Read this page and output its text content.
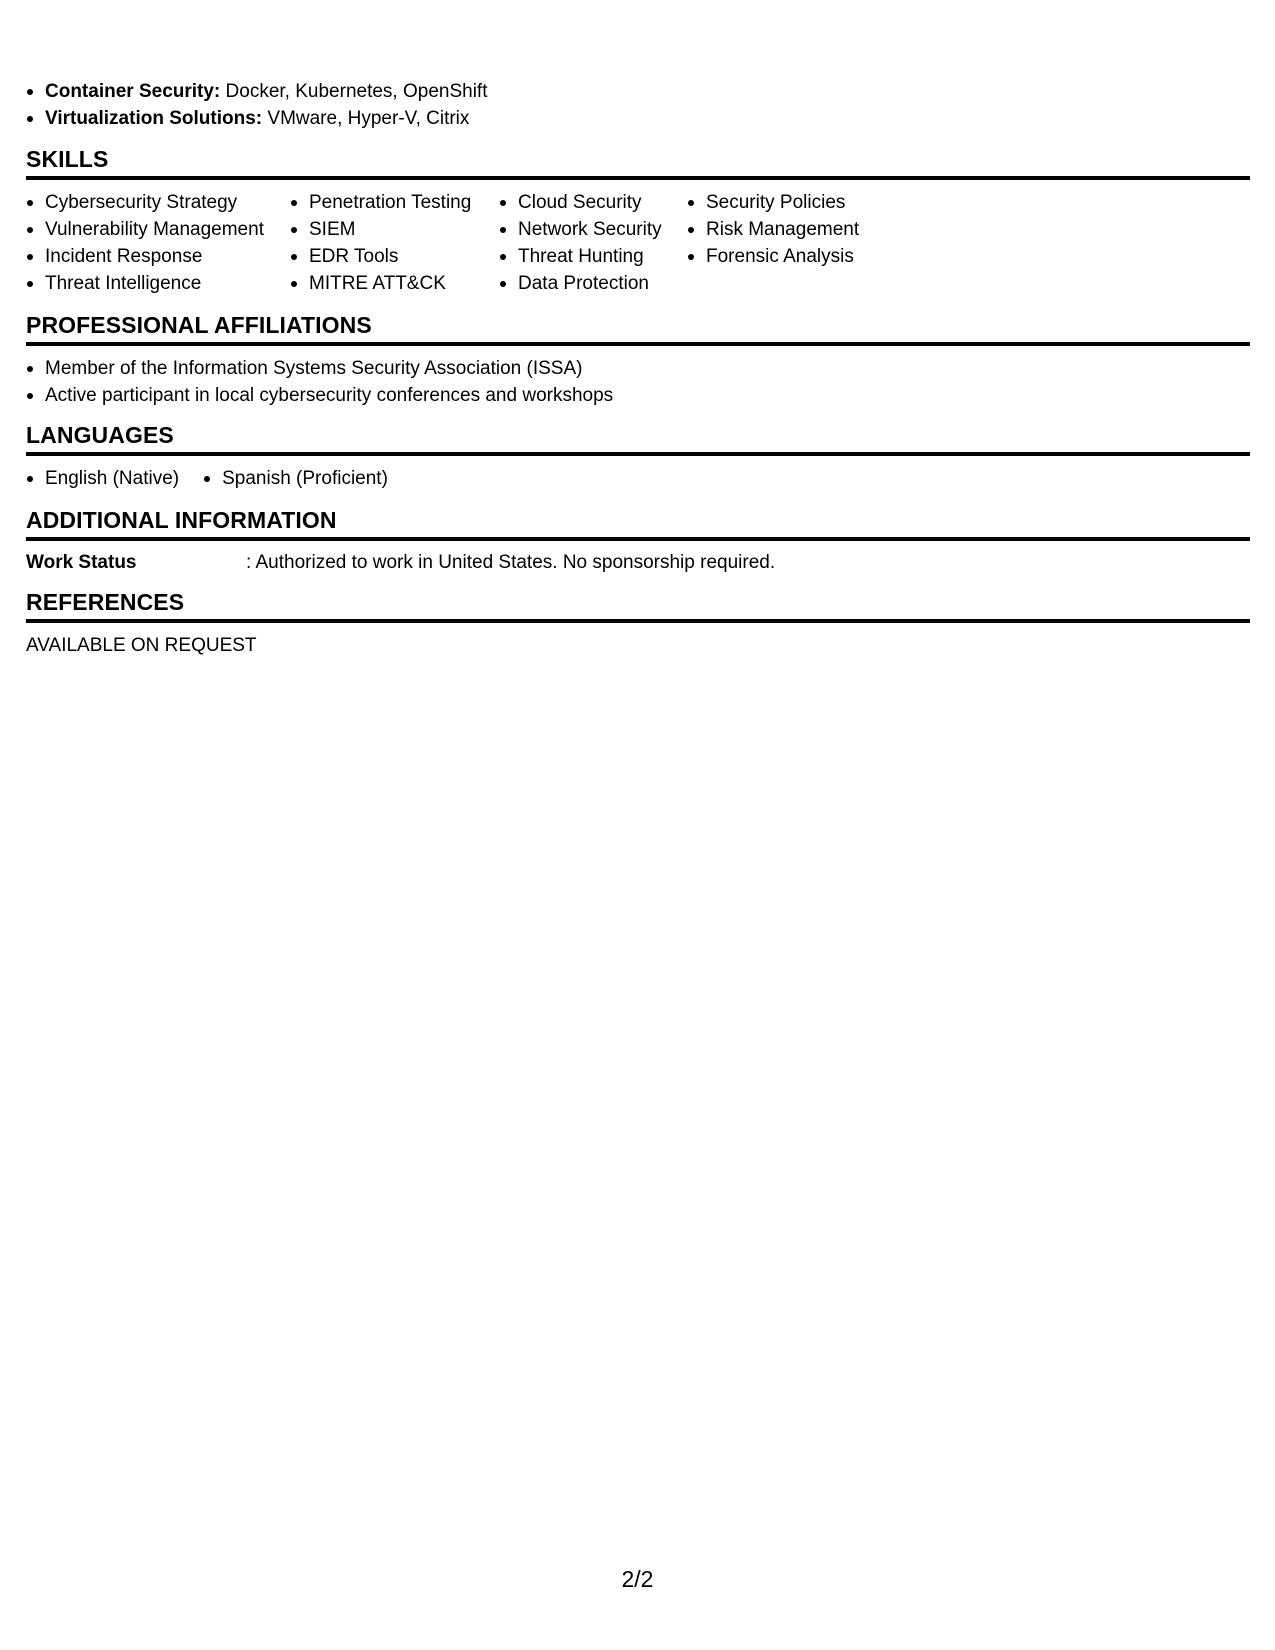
Container Security: Docker, Kubernetes, OpenShift
Virtualization Solutions: VMware, Hyper-V, Citrix
SKILLS
Cybersecurity Strategy
Vulnerability Management
Incident Response
Threat Intelligence
Penetration Testing
SIEM
EDR Tools
MITRE ATT&CK
Cloud Security
Network Security
Threat Hunting
Data Protection
Security Policies
Risk Management
Forensic Analysis
PROFESSIONAL AFFILIATIONS
Member of the Information Systems Security Association (ISSA)
Active participant in local cybersecurity conferences and workshops
LANGUAGES
English (Native)	Spanish (Proficient)
ADDITIONAL INFORMATION
Work Status	: Authorized to work in United States. No sponsorship required.
REFERENCES
AVAILABLE ON REQUEST
2/2
